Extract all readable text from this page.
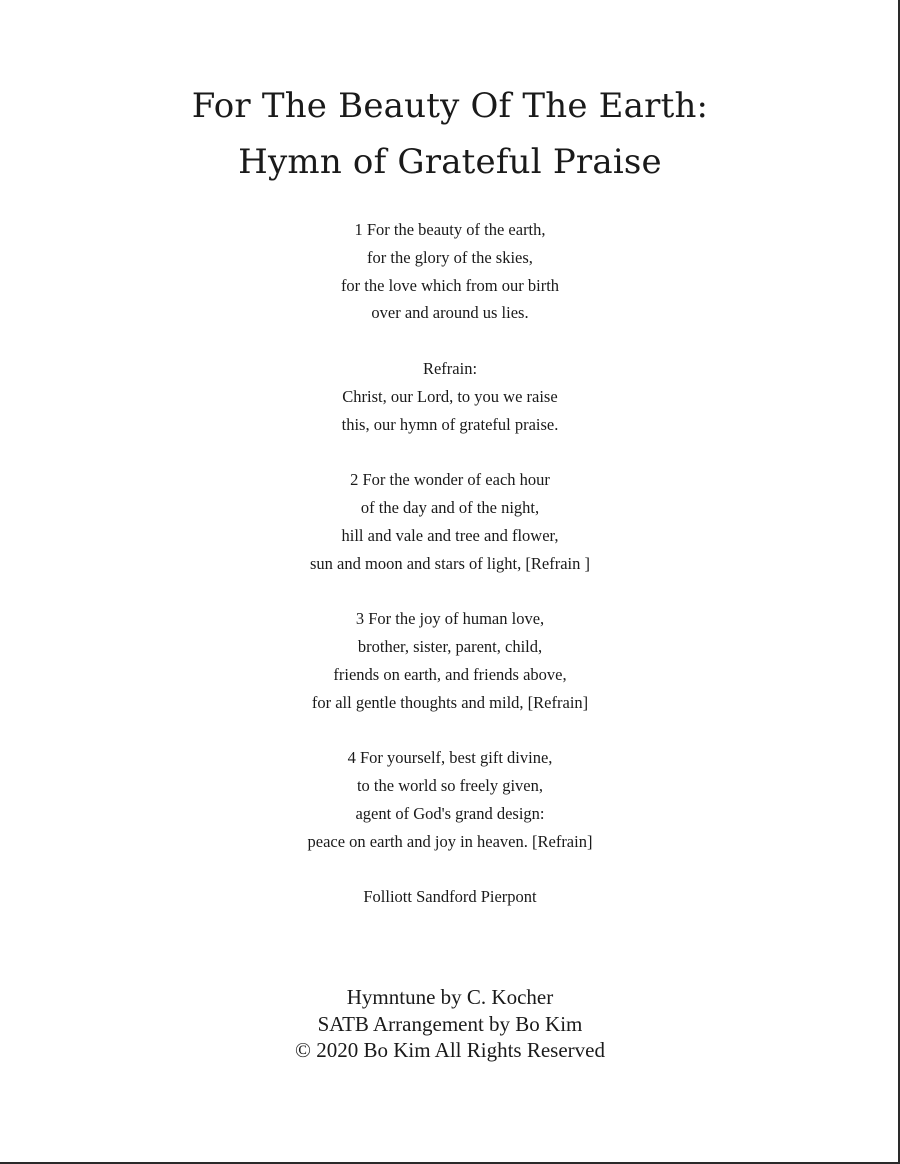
For The Beauty Of The Earth:
Hymn of Grateful Praise
1 For the beauty of the earth,
for the glory of the skies,
for the love which from our birth
over and around us lies.
Refrain:
Christ, our Lord, to you we raise
this, our hymn of grateful praise.
2 For the wonder of each hour
of the day and of the night,
hill and vale and tree and flower,
sun and moon and stars of light, [Refrain ]
3 For the joy of human love,
brother, sister, parent, child,
friends on earth, and friends above,
for all gentle thoughts and mild, [Refrain]
4 For yourself, best gift divine,
to the world so freely given,
agent of God's grand design:
peace on earth and joy in heaven. [Refrain]
Folliott Sandford Pierpont
Hymntune by C. Kocher
SATB Arrangement by Bo Kim
© 2020 Bo Kim All Rights Reserved
